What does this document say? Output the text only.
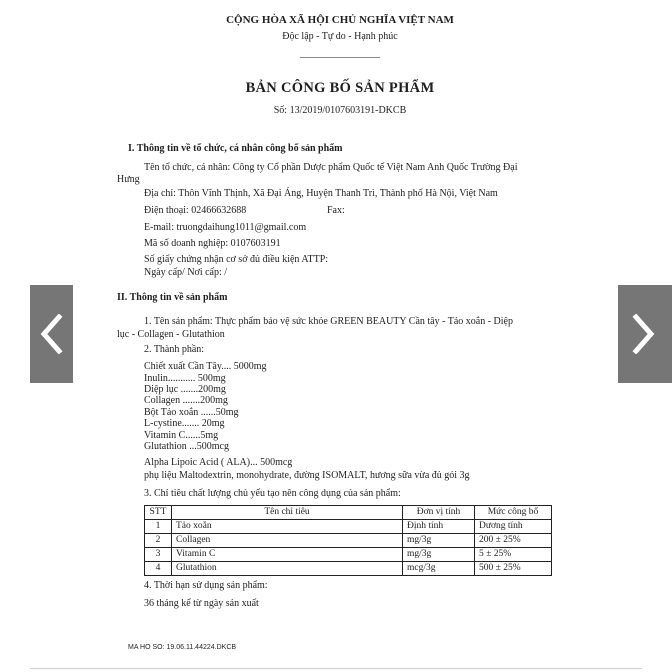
CỘNG HÒA XÃ HỘI CHỦ NGHĨA VIỆT NAM
Độc lập - Tự do - Hạnh phúc
BẢN CÔNG BỐ SẢN PHẨM
Số: 13/2019/0107603191-DKCB
I. Thông tin về tổ chức, cá nhân công bố sản phẩm
Tên tổ chức, cá nhân: Công ty Cổ phần Dược phẩm Quốc tế Việt Nam Anh Quốc Trường Đại
Hưng
Địa chỉ: Thôn Vĩnh Thịnh, Xã Đại Áng, Huyện Thanh Trì, Thành phố Hà Nội, Việt Nam
Điện thoại: 02466632688	Fax:
E-mail: truongdaihung1011@gmail.com
Mã số doanh nghiệp: 0107603191
Số giấy chứng nhận cơ sở đủ điều kiện ATTP:
Ngày cấp/ Nơi cấp: /
II. Thông tin về sản phẩm
1. Tên sản phẩm: Thực phẩm bảo vệ sức khỏe GREEN BEAUTY Cần tây - Tảo xoắn - Diệp
lục - Collagen - Glutathion
2. Thành phần:
Chiết xuất Cần Tây.... 5000mg
Inulin........... 500mg
Diệp lục .......200mg
Collagen .......200mg
Bột Tảo xoắn ......50mg
L-cystine....... 20mg
Vitamin C......5mg
Glutathion ...500mcg
Alpha Lipoic Acid ( ALA)... 500mcg
phụ liệu Maltodextrin, monohydrate, đường ISOMALT, hương sữa vừa đủ gói 3g
3. Chỉ tiêu chất lượng chủ yếu tạo nên công dụng của sản phẩm:
STT	Tên chỉ tiêu	Đơn vị tính	Mức công bố
1	Tảo xoắn	Định tính	Dương tính
2	Collagen	mg/3g	200 ± 25%
3	Vitamin C	mg/3g	5 ± 25%
4	Glutathion	mcg/3g	500 ± 25%
4. Thời hạn sử dụng sản phẩm:
36 tháng kể từ ngày sản xuất
MA HO SO: 19.06.11.44224.DKCB
